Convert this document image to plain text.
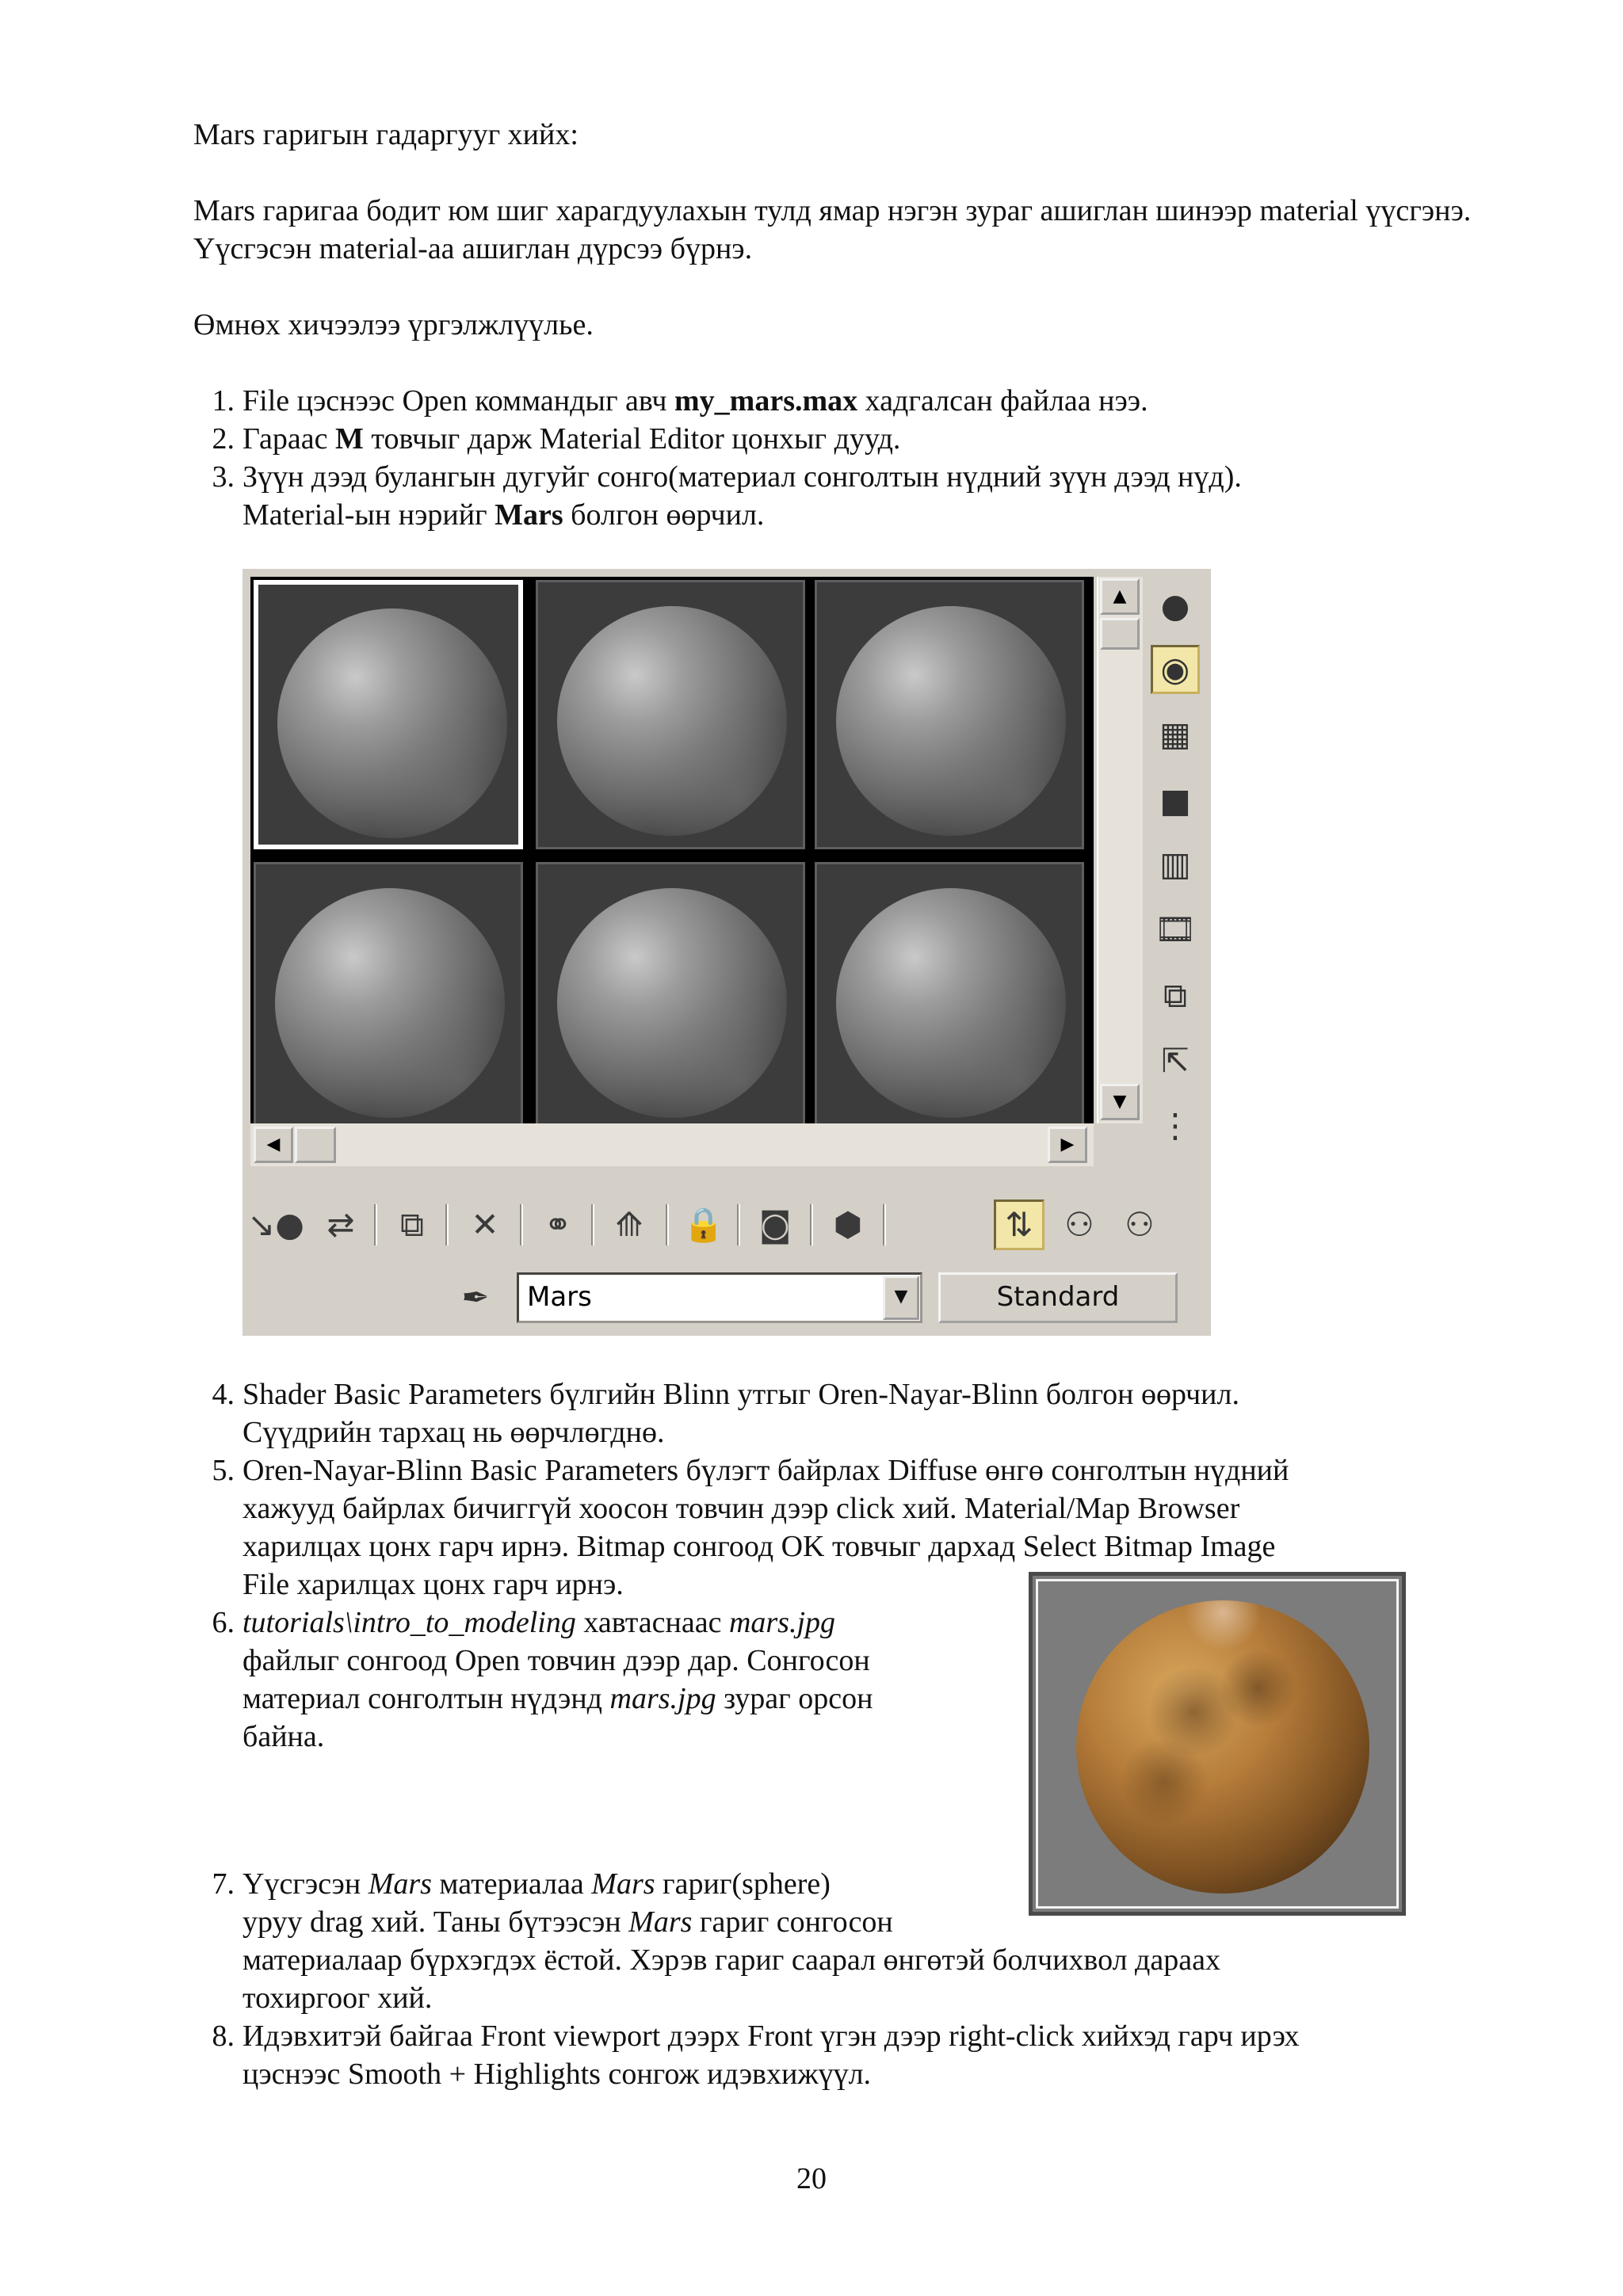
Mars гаригын гадаргууг хийх:

Mars гаригаа бодит юм шиг харагдуулахын тулд ямар нэгэн зураг ашиглан шинээр material үүсгэнэ. Үүсгэсэн material-аа ашиглан дүрсээ бүрнэ.

Өмнөх хичээлээ үргэлжлүүлье.

1. File цэснээс Open коммандыг авч my_mars.max хадгалсан файлаа нээ.

2. Гараас M товчыг дарж Material Editor цонхыг дууд.

3. Зүүн дээд булангын дугуйг сонго(материал сонголтын нүдний зүүн дээд нүд).

Material-ын нэрийг Mars болгон өөрчил.

▲
▼
◀	▶
●
◉
▦
■
▥
🎞
⧉
⇱
⋮
↘● ⇄	⧉	✕	⚭	⟰	🔒 ◙	⬢	⇅ ⚇ ⚇
✒	Mars	▼	Standard
4. Shader Basic Parameters бүлгийн Blinn утгыг Oren-Nayar-Blinn болгон өөрчил.

Сүүдрийн тархац нь өөрчлөгднө.

5. Oren-Nayar-Blinn Basic Parameters бүлэгт байрлах Diffuse өнгө сонголтын нүдний

хажууд байрлах бичиггүй хоосон товчин дээр click хий. Material/Map Browser

харилцах цонх гарч ирнэ. Bitmap сонгоод OK товчыг дархад Select Bitmap Image

File харилцах цонх гарч ирнэ.

6. tutorials\intro_to_modeling хавтаснаас mars.jpg

файлыг сонгоод Open товчин дээр дар. Сонгосон

материал сонголтын нүдэнд mars.jpg зураг орсон

байна.

7. Үүсгэсэн Mars материалаа Mars гариг(sphere)

уруу drag хий. Таны бүтээсэн Mars гариг сонгосон

материалаар бүрхэгдэх ёстой. Хэрэв гариг саарал өнгөтэй болчихвол дараах

тохиргоог хий.

8. Идэвхитэй байгаа Front viewport дээрх Front үгэн дээр right-click хийхэд гарч ирэх

цэснээс Smooth + Highlights сонгож идэвхижүүл.

20
